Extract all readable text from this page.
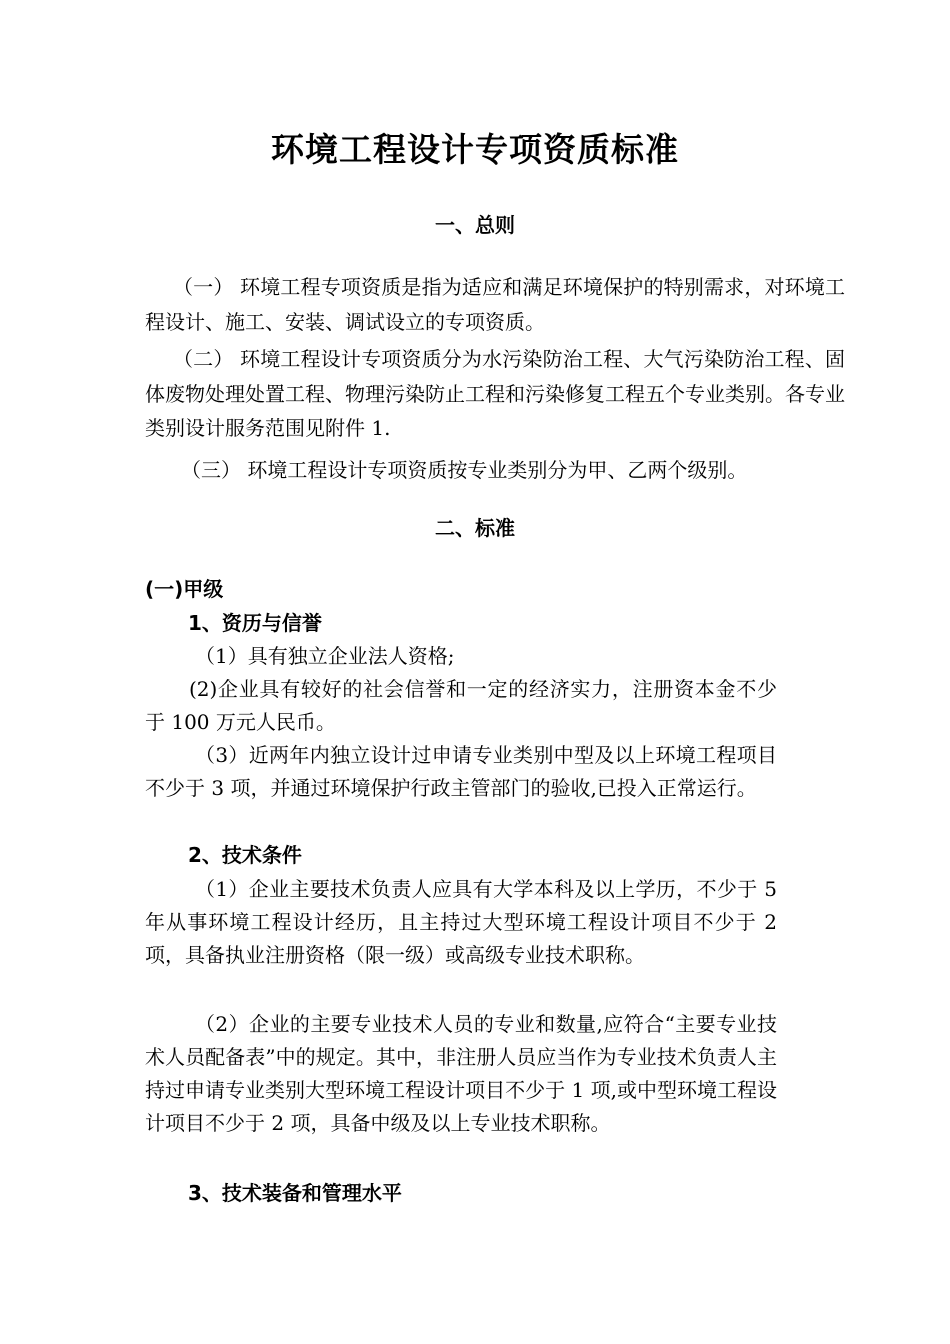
环境工程设计专项资质标准
一、总则
（一） 环境工程专项资质是指为适应和满足环境保护的特别需求，对环境工程设计、施工、安装、调试设立的专项资质。
（二） 环境工程设计专项资质分为水污染防治工程、大气污染防治工程、固体废物处理处置工程、物理污染防止工程和污染修复工程五个专业类别。各专业类别设计服务范围见附件 1.
（三） 环境工程设计专项资质按专业类别分为甲、乙两个级别。
二、标准
(一)甲级
1、资历与信誉
（1）具有独立企业法人资格;
(2)企业具有较好的社会信誉和一定的经济实力，注册资本金不少于 100 万元人民币。
（3）近两年内独立设计过申请专业类别中型及以上环境工程项目不少于 3 项，并通过环境保护行政主管部门的验收,已投入正常运行。
2、技术条件
（1）企业主要技术负责人应具有大学本科及以上学历，不少于 5 年从事环境工程设计经历，且主持过大型环境工程设计项目不少于 2 项，具备执业注册资格（限一级）或高级专业技术职称。
（2）企业的主要专业技术人员的专业和数量,应符合“主要专业技术人员配备表”中的规定。其中，非注册人员应当作为专业技术负责人主持过申请专业类别大型环境工程设计项目不少于 1 项,或中型环境工程设计项目不少于 2 项，具备中级及以上专业技术职称。
3、技术装备和管理水平
